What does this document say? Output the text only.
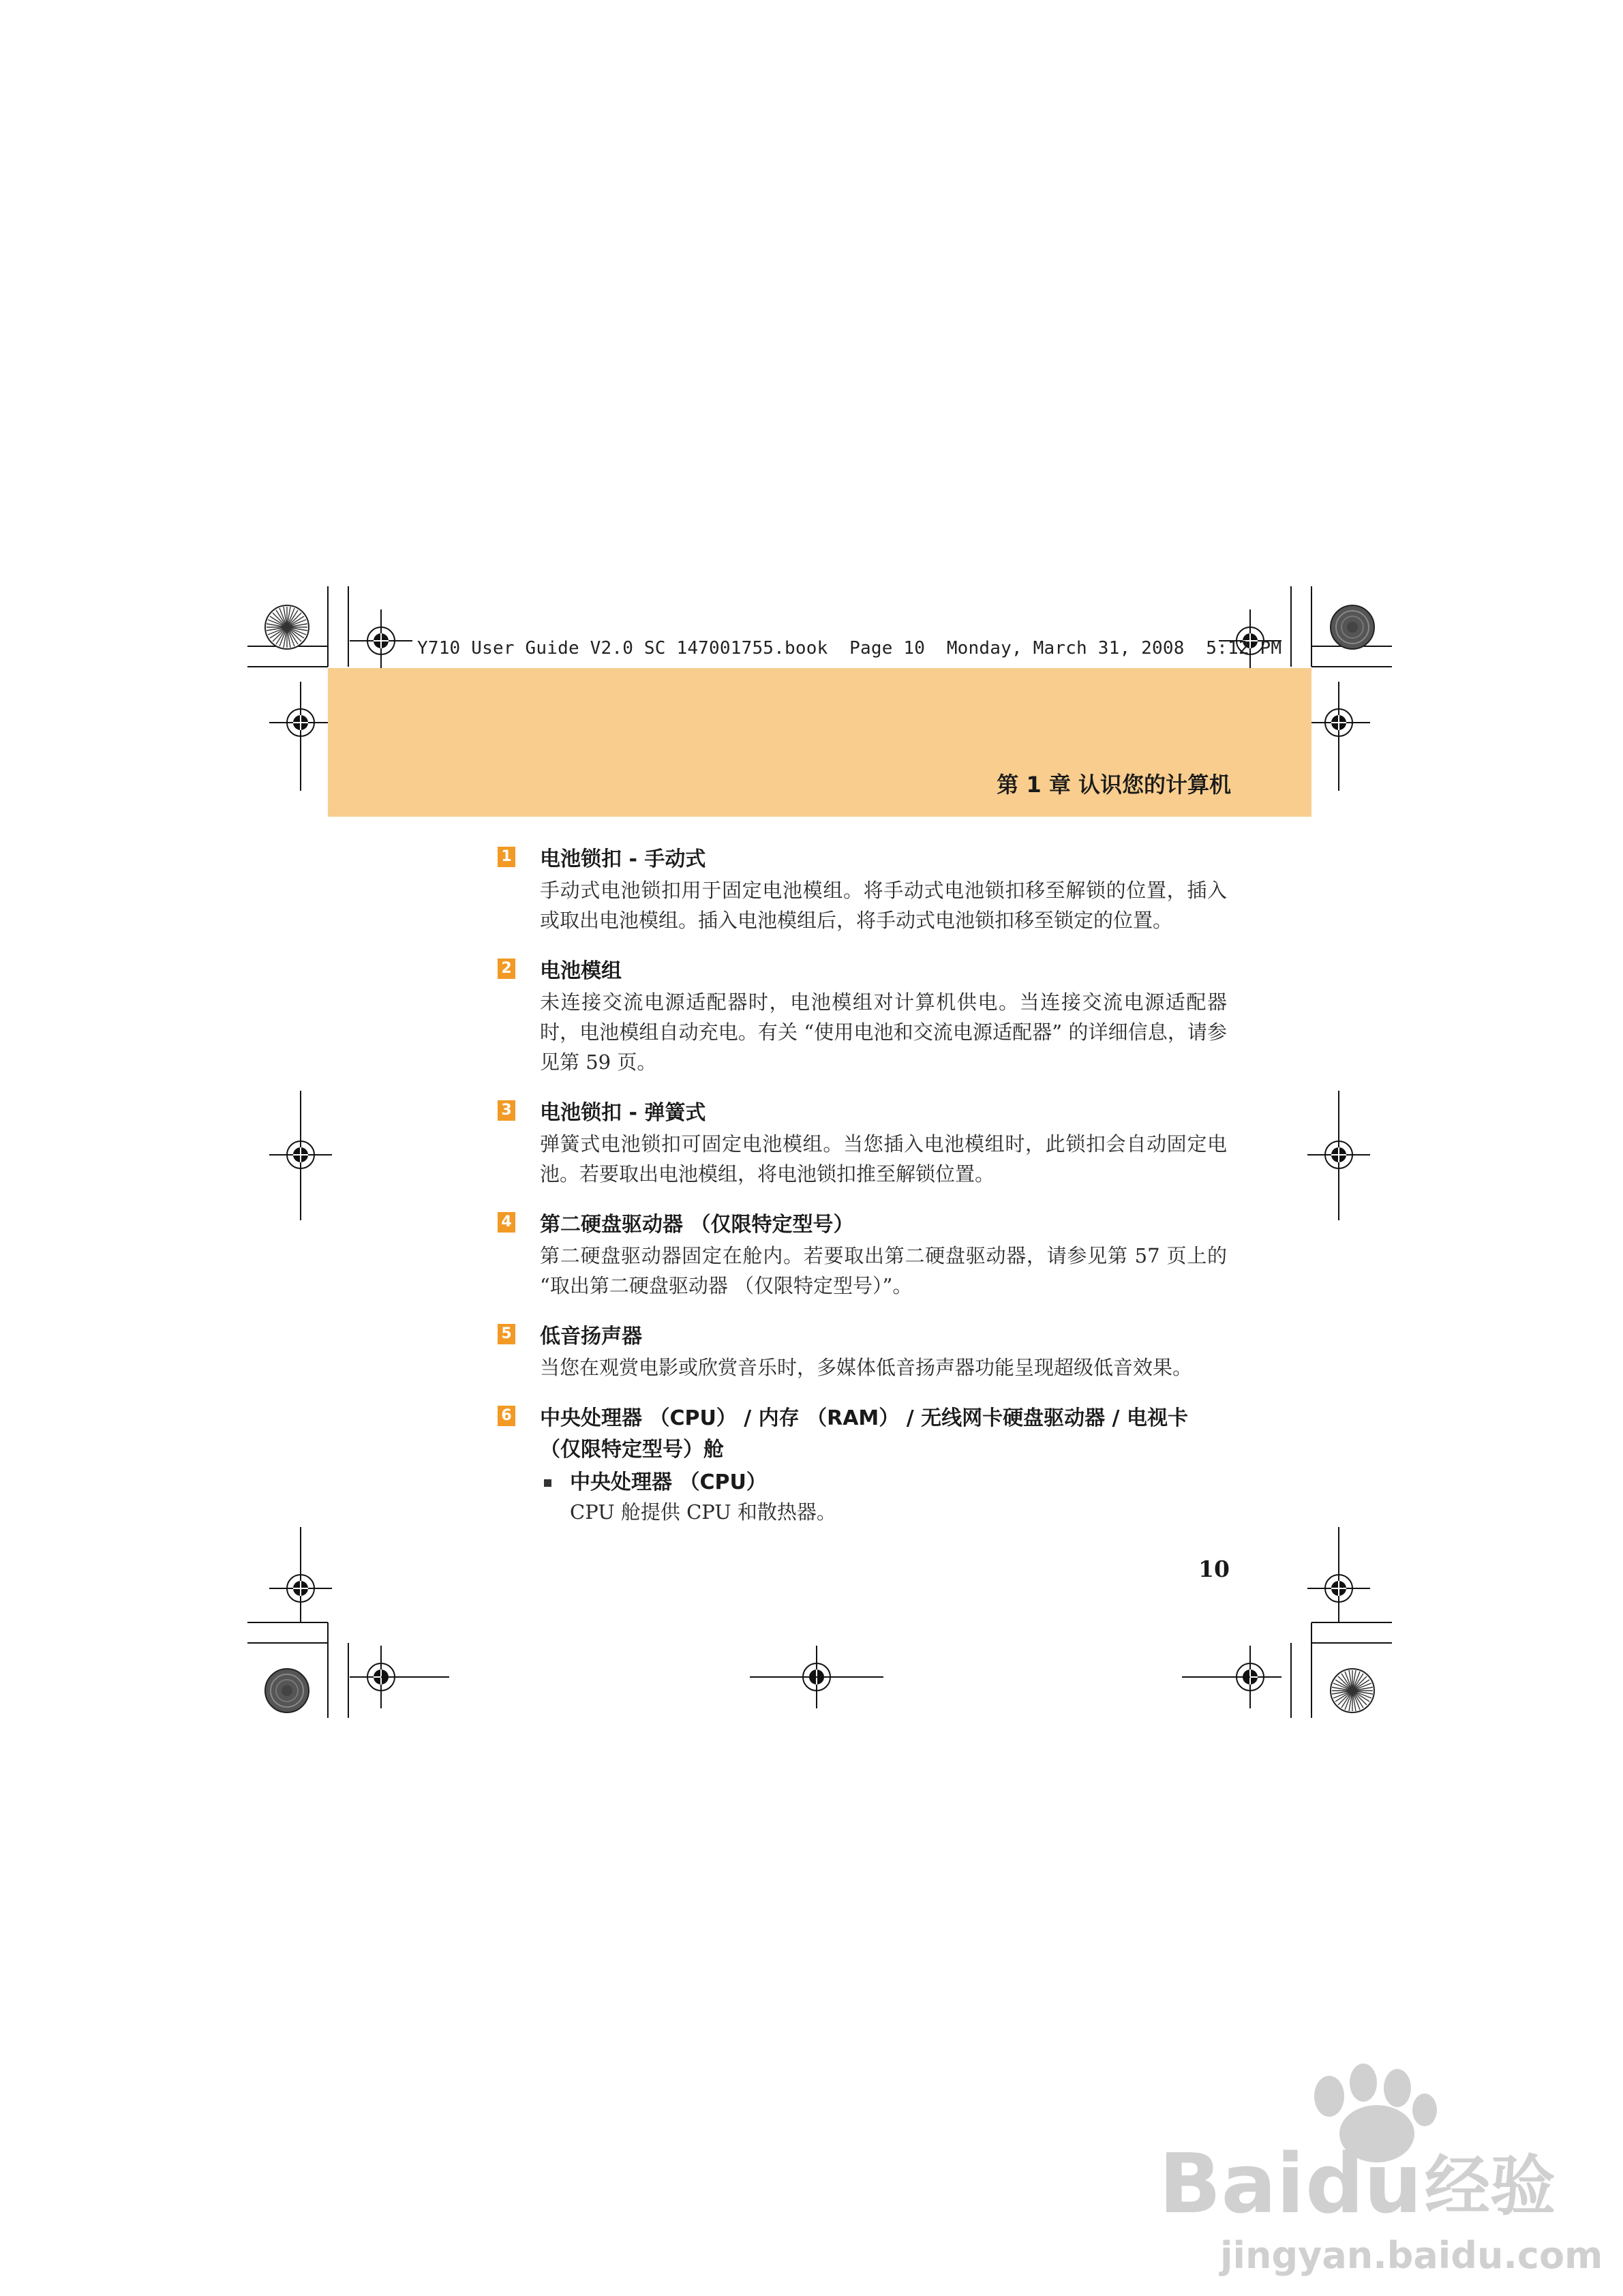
Y710 User Guide V2.0 SC 147001755.book  Page 10  Monday, March 31, 2008  5:12 PM
第 1 章 认识您的计算机
1 电池锁扣 - 手动式
手动式电池锁扣用于固定电池模组。将手动式电池锁扣移至解锁的位置，插入或取出电池模组。插入电池模组后，将手动式电池锁扣移至锁定的位置。
2 电池模组
未连接交流电源适配器时，电池模组对计算机供电。当连接交流电源适配器时，电池模组自动充电。有关 “使用电池和交流电源适配器” 的详细信息，请参见第 59 页。
3 电池锁扣 - 弹簧式
弹簧式电池锁扣可固定电池模组。当您插入电池模组时，此锁扣会自动固定电池。若要取出电池模组，将电池锁扣推至解锁位置。
4 第二硬盘驱动器 （仅限特定型号）
第二硬盘驱动器固定在舱内。若要取出第二硬盘驱动器，请参见第 57 页上的 “取出第二硬盘驱动器 （仅限特定型号）”。
5 低音扬声器
当您在观赏电影或欣赏音乐时，多媒体低音扬声器功能呈现超级低音效果。
6 中央处理器 （CPU） / 内存 （RAM） / 无线网卡硬盘驱动器 / 电视卡 （仅限特定型号）舱
中央处理器 （CPU）
CPU 舱提供 CPU 和散热器。
10
Bai du 经验
jingyan.baidu.com
